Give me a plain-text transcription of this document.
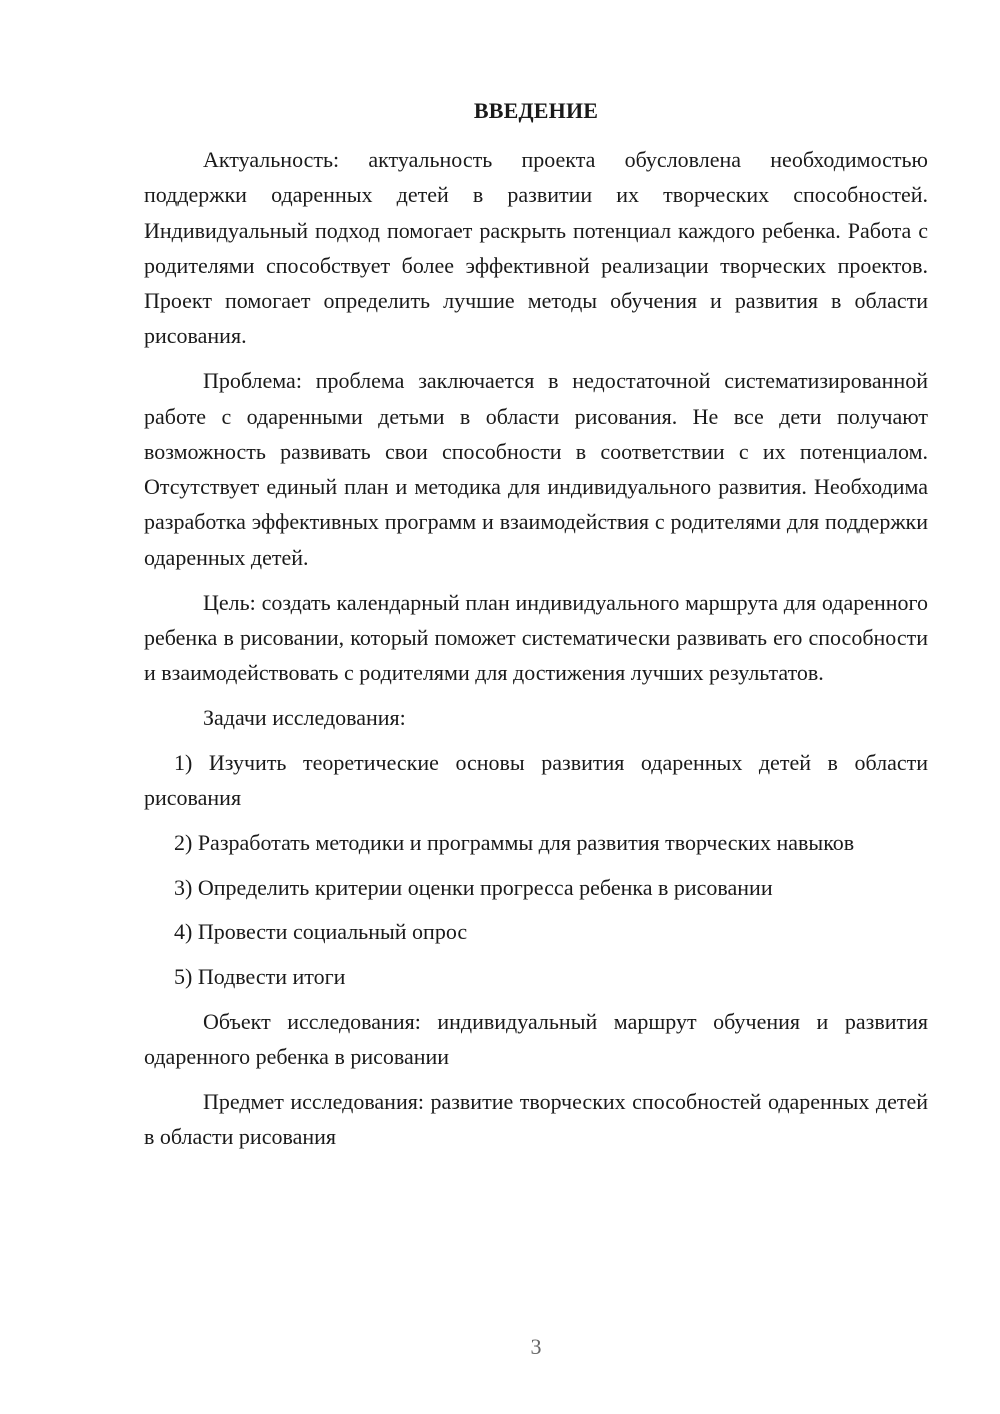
ВВЕДЕНИЕ

Актуальность: актуальность проекта обусловлена необходимостью поддержки одаренных детей в развитии их творческих способностей. Индивидуальный подход помогает раскрыть потенциал каждого ребенка. Работа с родителями способствует более эффективной реализации творческих проектов. Проект помогает определить лучшие методы обучения и развития в области рисования.

Проблема: проблема заключается в недостаточной систематизированной работе с одаренными детьми в области рисования. Не все дети получают возможность развивать свои способности в соответствии с их потенциалом. Отсутствует единый план и методика для индивидуального развития. Необходима разработка эффективных программ и взаимодействия с родителями для поддержки одаренных детей.

Цель: создать календарный план индивидуального маршрута для одаренного ребенка в рисовании, который поможет систематически развивать его способности и взаимодействовать с родителями для достижения лучших результатов.

Задачи исследования:

1) Изучить теоретические основы развития одаренных детей в области рисования

2) Разработать методики и программы для развития творческих навыков

3) Определить критерии оценки прогресса ребенка в рисовании

4) Провести социальный опрос

5) Подвести итоги

Объект исследования: индивидуальный маршрут обучения и развития одаренного ребенка в рисовании

Предмет исследования: развитие творческих способностей одаренных детей в области рисования

3
